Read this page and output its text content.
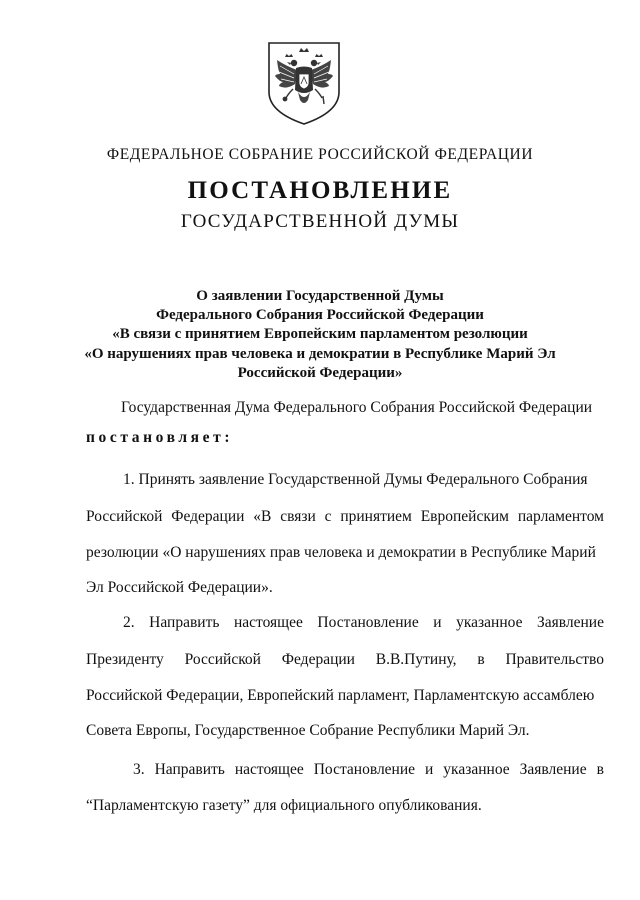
ФЕДЕРАЛЬНОЕ СОБРАНИЕ РОССИЙСКОЙ ФЕДЕРАЦИИ
ПОСТАНОВЛЕНИЕ
ГОСУДАРСТВЕННОЙ ДУМЫ
О заявлении Государственной Думы
Федерального Собрания Российской Федерации
«В связи с принятием Европейским парламентом резолюции
«О нарушениях прав человека и демократии в Республике Марий Эл
Российской Федерации»
Государственная Дума Федерального Собрания Российской Федерации
постановляет:
1. Принять заявление Государственной Думы Федерального Собрания
Российской Федерации «В связи с принятием Европейским парламентом
резолюции «О нарушениях прав человека и демократии в Республике Марий
Эл Российской Федерации».
2. Направить настоящее Постановление и указанное Заявление
Президенту Российской Федерации В.В.Путину, в Правительство
Российской Федерации, Европейский парламент, Парламентскую ассамблею
Совета Европы, Государственное Собрание Республики Марий Эл.
3. Направить настоящее Постановление и указанное Заявление в
“Парламентскую газету” для официального опубликования.
